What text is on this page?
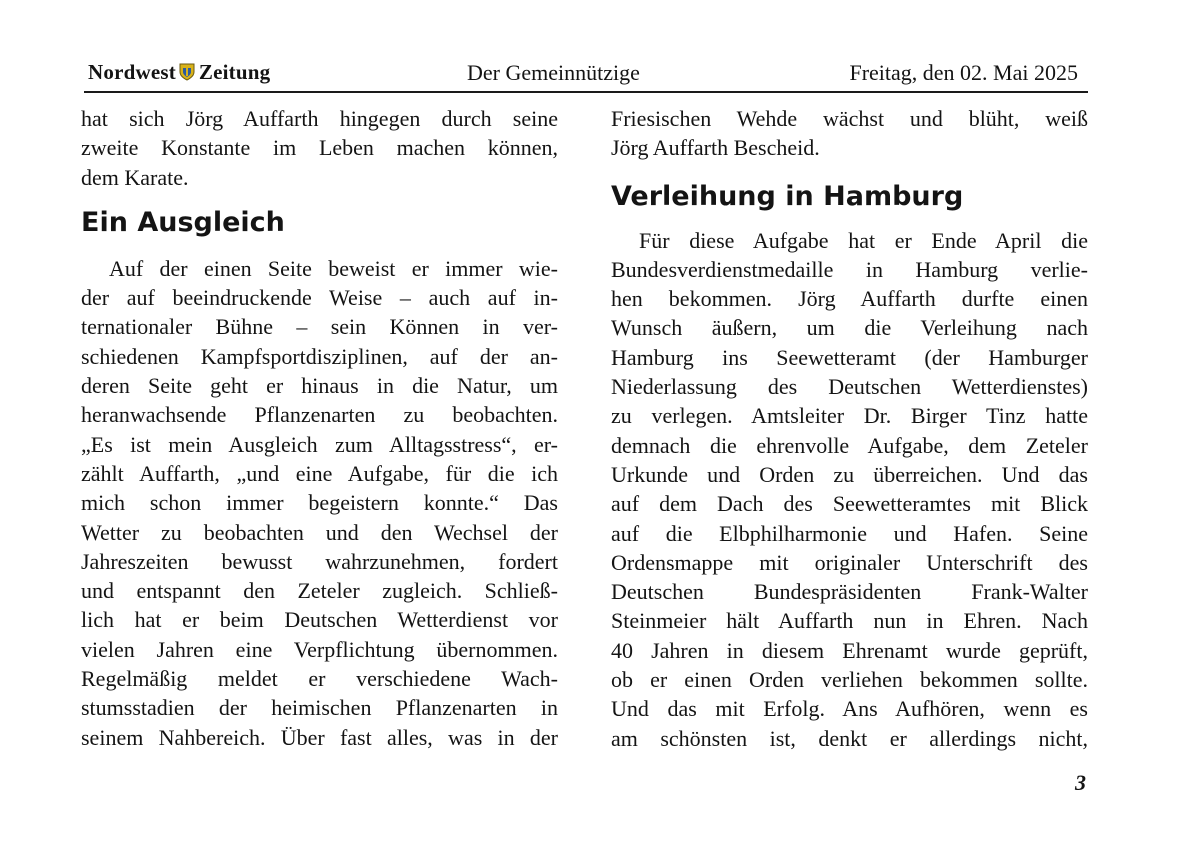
Nordwest Zeitung	Der Gemeinnützige	Freitag, den 02. Mai 2025

hat sich Jörg Auffarth hingegen durch seine
zweite Konstante im Leben machen können,
dem Karate.

Ein Ausgleich

Auf der einen Seite beweist er immer wie-
der auf beeindruckende Weise – auch auf in-
ternationaler Bühne – sein Können in ver-
schiedenen Kampfsportdisziplinen, auf der an-
deren Seite geht er hinaus in die Natur, um
heranwachsende Pflanzenarten zu beobachten.
„Es ist mein Ausgleich zum Alltagsstress“, er-
zählt Auffarth, „und eine Aufgabe, für die ich
mich schon immer begeistern konnte.“ Das
Wetter zu beobachten und den Wechsel der
Jahreszeiten bewusst wahrzunehmen, fordert
und entspannt den Zeteler zugleich. Schließ-
lich hat er beim Deutschen Wetterdienst vor
vielen Jahren eine Verpflichtung übernommen.
Regelmäßig meldet er verschiedene Wach-
stumsstadien der heimischen Pflanzenarten in
seinem Nahbereich. Über fast alles, was in der

Friesischen Wehde wächst und blüht, weiß
Jörg Auffarth Bescheid.

Verleihung in Hamburg

Für diese Aufgabe hat er Ende April die
Bundesverdienstmedaille in Hamburg verlie-
hen bekommen. Jörg Auffarth durfte einen
Wunsch äußern, um die Verleihung nach
Hamburg ins Seewetteramt (der Hamburger
Niederlassung des Deutschen Wetterdienstes)
zu verlegen. Amtsleiter Dr. Birger Tinz hatte
demnach die ehrenvolle Aufgabe, dem Zeteler
Urkunde und Orden zu überreichen. Und das
auf dem Dach des Seewetteramtes mit Blick
auf die Elbphilharmonie und Hafen. Seine
Ordensmappe mit originaler Unterschrift des
Deutschen Bundespräsidenten Frank-Walter
Steinmeier hält Auffarth nun in Ehren. Nach
40 Jahren in diesem Ehrenamt wurde geprüft,
ob er einen Orden verliehen bekommen sollte.
Und das mit Erfolg. Ans Aufhören, wenn es
am schönsten ist, denkt er allerdings nicht,

3
